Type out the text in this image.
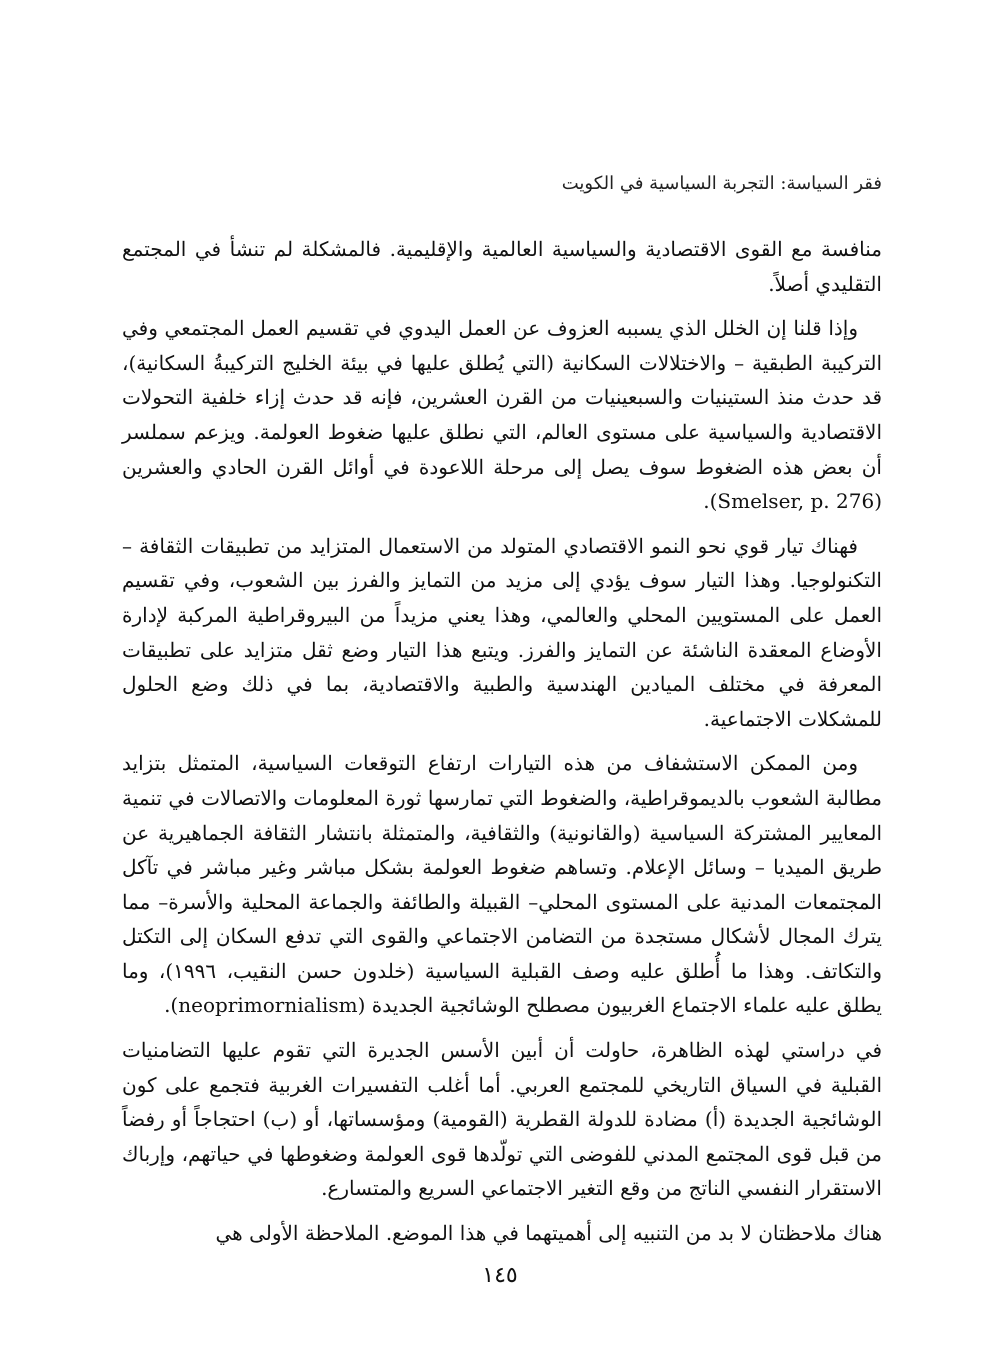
فقر السياسة: التجربة السياسية في الكويت

منافسة مع القوى الاقتصادية والسياسية العالمية والإقليمية. فالمشكلة لم تنشأ في المجتمع التقليدي أصلاً.

وإذا قلنا إن الخلل الذي يسببه العزوف عن العمل اليدوي في تقسيم العمل المجتمعي وفي التركيبة الطبقية – والاختلالات السكانية (التي يُطلق عليها في بيئة الخليج التركيبةُ السكانية)، قد حدث منذ الستينيات والسبعينيات من القرن العشرين، فإنه قد حدث إزاء خلفية التحولات الاقتصادية والسياسية على مستوى العالم، التي نطلق عليها ضغوط العولمة. ويزعم سملسر أن بعض هذه الضغوط سوف يصل إلى مرحلة اللاعودة في أوائل القرن الحادي والعشرين (Smelser, p. 276).

فهناك تيار قوي نحو النمو الاقتصادي المتولد من الاستعمال المتزايد من تطبيقات الثقافة – التكنولوجيا. وهذا التيار سوف يؤدي إلى مزيد من التمايز والفرز بين الشعوب، وفي تقسيم العمل على المستويين المحلي والعالمي، وهذا يعني مزيداً من البيروقراطية المركبة لإدارة الأوضاع المعقدة الناشئة عن التمايز والفرز. ويتبع هذا التيار وضع ثقل متزايد على تطبيقات المعرفة في مختلف الميادين الهندسية والطبية والاقتصادية، بما في ذلك وضع الحلول للمشكلات الاجتماعية.

ومن الممكن الاستشفاف من هذه التيارات ارتفاع التوقعات السياسية، المتمثل بتزايد مطالبة الشعوب بالديموقراطية، والضغوط التي تمارسها ثورة المعلومات والاتصالات في تنمية المعايير المشتركة السياسية (والقانونية) والثقافية، والمتمثلة بانتشار الثقافة الجماهيرية عن طريق الميديا – وسائل الإعلام. وتساهم ضغوط العولمة بشكل مباشر وغير مباشر في تآكل المجتمعات المدنية على المستوى المحلي– القبيلة والطائفة والجماعة المحلية والأسرة– مما يترك المجال لأشكال مستجدة من التضامن الاجتماعي والقوى التي تدفع السكان إلى التكتل والتكاتف. وهذا ما أُطلق عليه وصف القبلية السياسية (خلدون حسن النقيب، ١٩٩٦)، وما يطلق عليه علماء الاجتماع الغربيون مصطلح الوشائجية الجديدة (neoprimornialism).

في دراستي لهذه الظاهرة، حاولت أن أبين الأسس الجديرة التي تقوم عليها التضامنيات القبلية في السياق التاريخي للمجتمع العربي. أما أغلب التفسيرات الغربية فتجمع على كون الوشائجية الجديدة (أ) مضادة للدولة القطرية (القومية) ومؤسساتها، أو (ب) احتجاجاً أو رفضاً من قبل قوى المجتمع المدني للفوضى التي تولّدها قوى العولمة وضغوطها في حياتهم، وإرباك الاستقرار النفسي الناتج من وقع التغير الاجتماعي السريع والمتسارع.

هناك ملاحظتان لا بد من التنبيه إلى أهميتهما في هذا الموضع. الملاحظة الأولى هي

١٤٥
